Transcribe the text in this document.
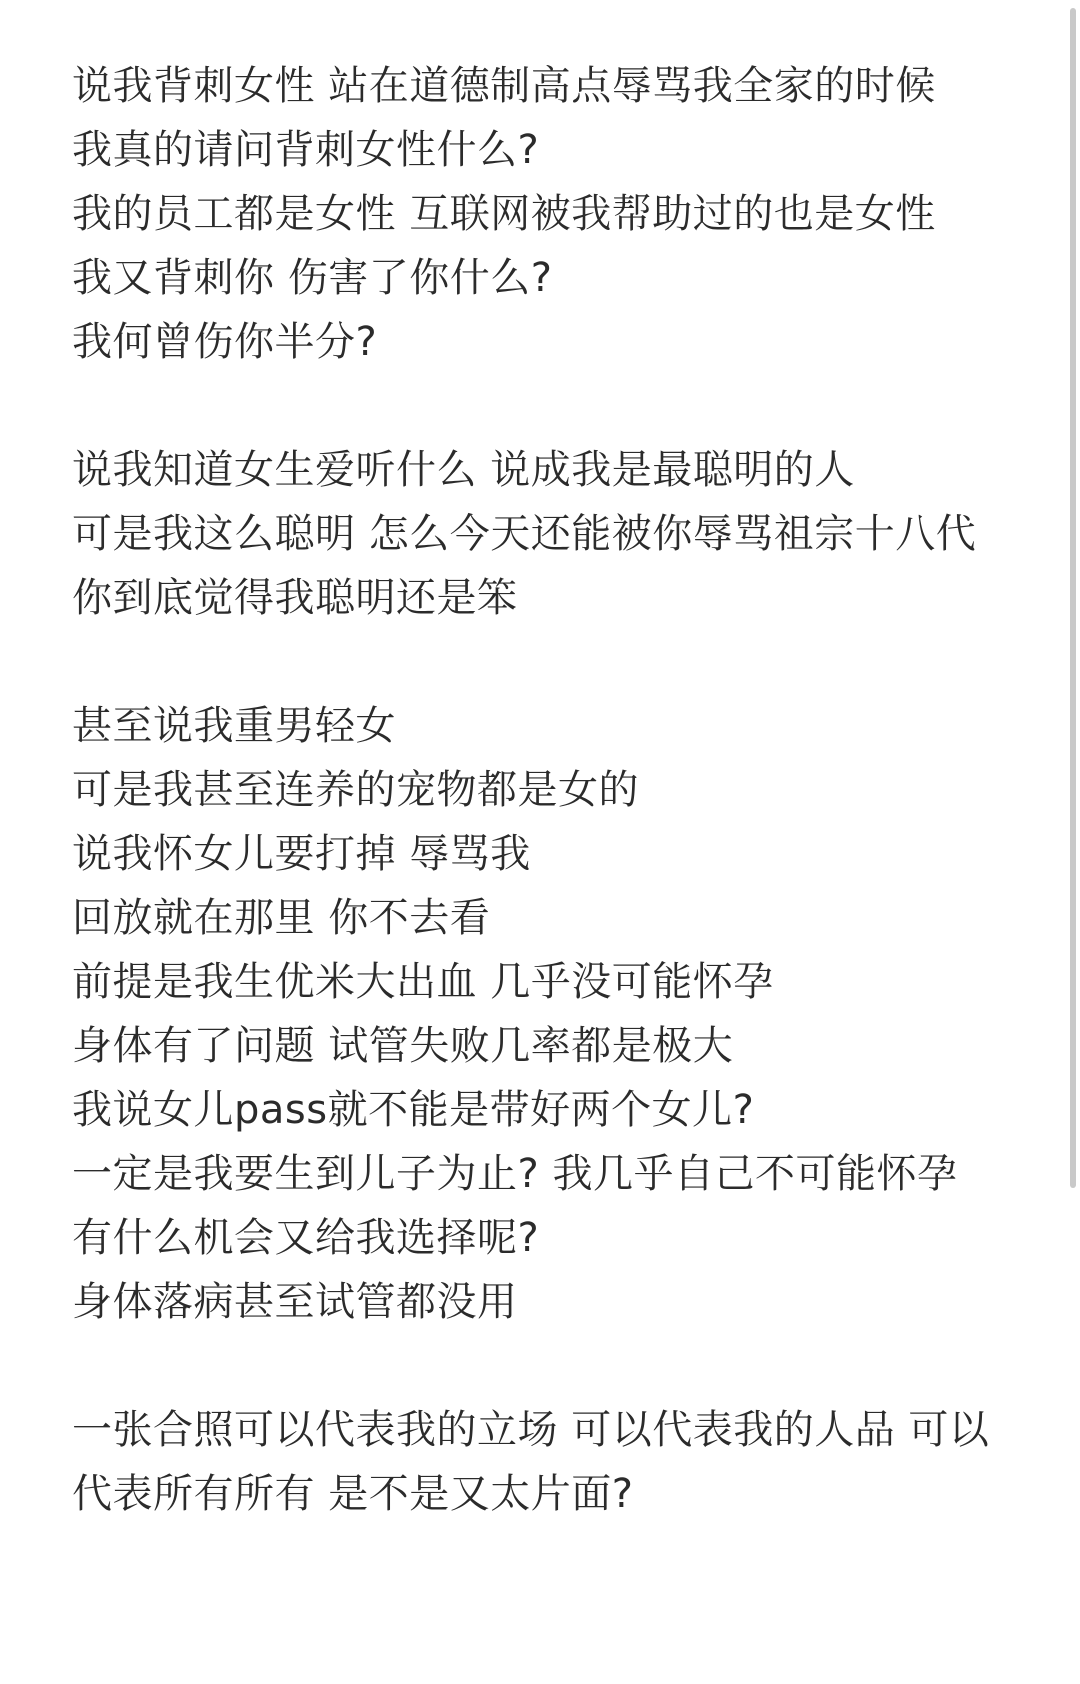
说我背刺女性 站在道德制高点辱骂我全家的时候
我真的请问背刺女性什么?
我的员工都是女性 互联网被我帮助过的也是女性
我又背刺你 伤害了你什么?
我何曾伤你半分?
说我知道女生爱听什么 说成我是最聪明的人
可是我这么聪明 怎么今天还能被你辱骂祖宗十八代
你到底觉得我聪明还是笨
甚至说我重男轻女
可是我甚至连养的宠物都是女的
说我怀女儿要打掉 辱骂我
回放就在那里 你不去看
前提是我生优米大出血 几乎没可能怀孕
身体有了问题 试管失败几率都是极大
我说女儿pass就不能是带好两个女儿?
一定是我要生到儿子为止? 我几乎自己不可能怀孕
有什么机会又给我选择呢?
身体落病甚至试管都没用
一张合照可以代表我的立场 可以代表我的人品 可以
代表所有所有 是不是又太片面?
